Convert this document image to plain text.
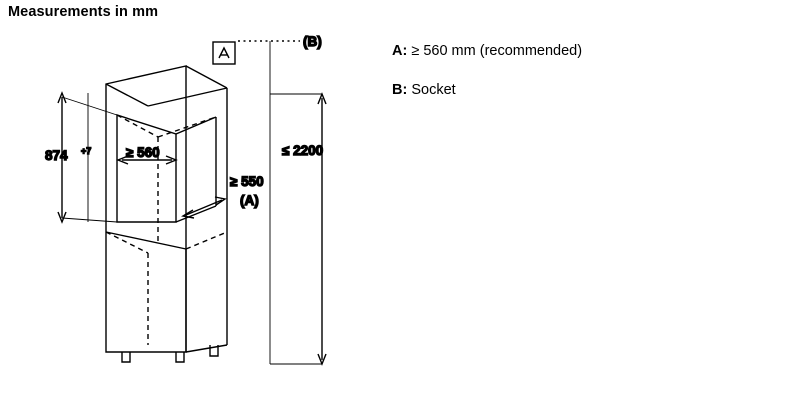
Measurements in mm
A: ≥ 560 mm (recommended)
B: Socket
(B)
874 +7	≥ 560
≥ 550
(A)
≤ 2200
